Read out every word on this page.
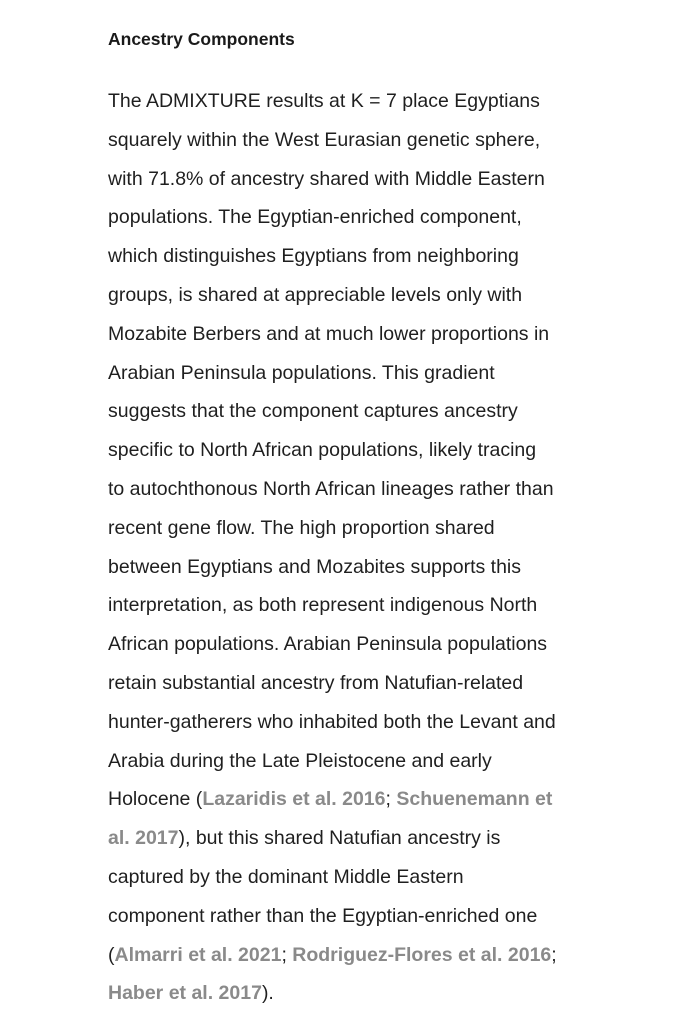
Ancestry Components

The ADMIXTURE results at K = 7 place Egyptians
squarely within the West Eurasian genetic sphere,
with 71.8% of ancestry shared with Middle Eastern
populations. The Egyptian-enriched component,
which distinguishes Egyptians from neighboring
groups, is shared at appreciable levels only with
Mozabite Berbers and at much lower proportions in
Arabian Peninsula populations. This gradient
suggests that the component captures ancestry
specific to North African populations, likely tracing
to autochthonous North African lineages rather than
recent gene flow. The high proportion shared
between Egyptians and Mozabites supports this
interpretation, as both represent indigenous North
African populations. Arabian Peninsula populations
retain substantial ancestry from Natufian-related
hunter-gatherers who inhabited both the Levant and
Arabia during the Late Pleistocene and early
Holocene (Lazaridis et al. 2016; Schuenemann et
al. 2017), but this shared Natufian ancestry is
captured by the dominant Middle Eastern
component rather than the Egyptian-enriched one
(Almarri et al. 2021; Rodriguez-Flores et al. 2016;
Haber et al. 2017).
